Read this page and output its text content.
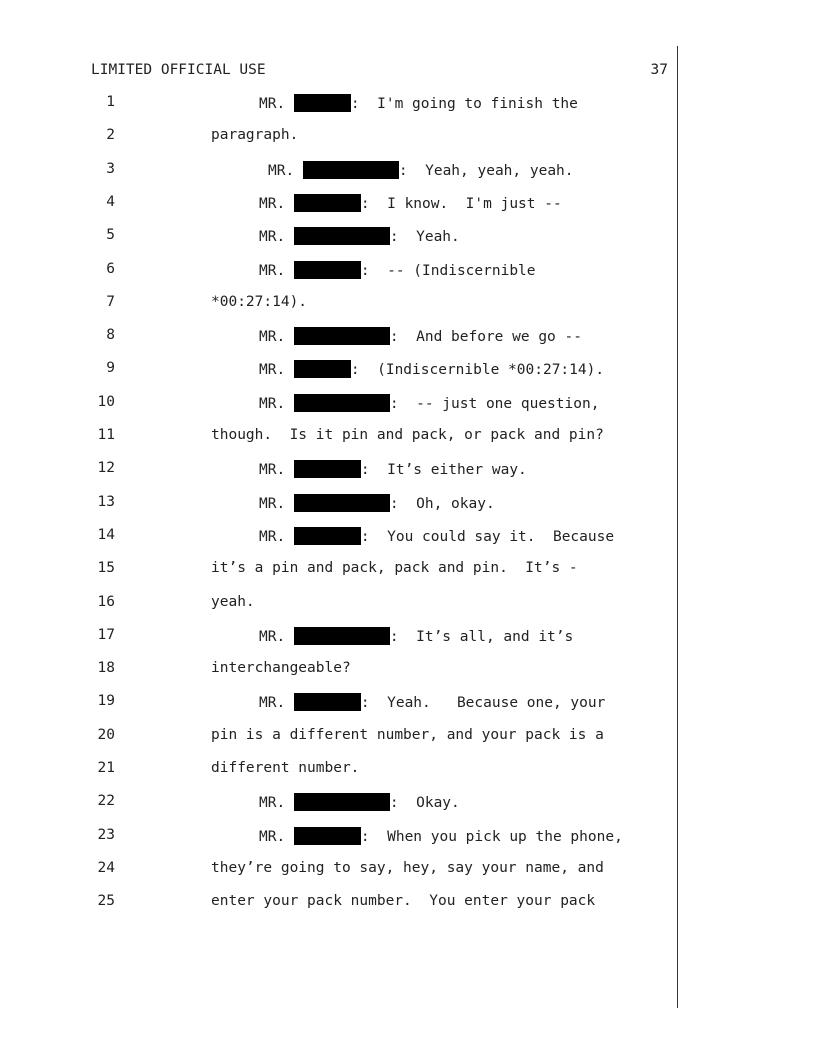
LIMITED OFFICIAL USE	37
1	MR.	:  I'm going to finish the
2	paragraph.
3	MR.	:  Yeah, yeah, yeah.
4	MR.	:  I know.  I'm just --
5	MR.	:  Yeah.
6	MR.	:  -- (Indiscernible
7	*00:27:14).
8	MR.	:  And before we go --
9	MR.	:  (Indiscernible *00:27:14).
10	MR.	:  -- just one question,
11	though.  Is it pin and pack, or pack and pin?
12	MR.	:  It’s either way.
13	MR.	:  Oh, okay.
14	MR.	:  You could say it.  Because
15	it’s a pin and pack, pack and pin.  It’s -
16	yeah.
17	MR.	:  It’s all, and it’s
18	interchangeable?
19	MR.	:  Yeah.   Because one, your
20	pin is a different number, and your pack is a
21	different number.
22	MR.	:  Okay.
23	MR.	:  When you pick up the phone,
24	they’re going to say, hey, say your name, and
25	enter your pack number.  You enter your pack
